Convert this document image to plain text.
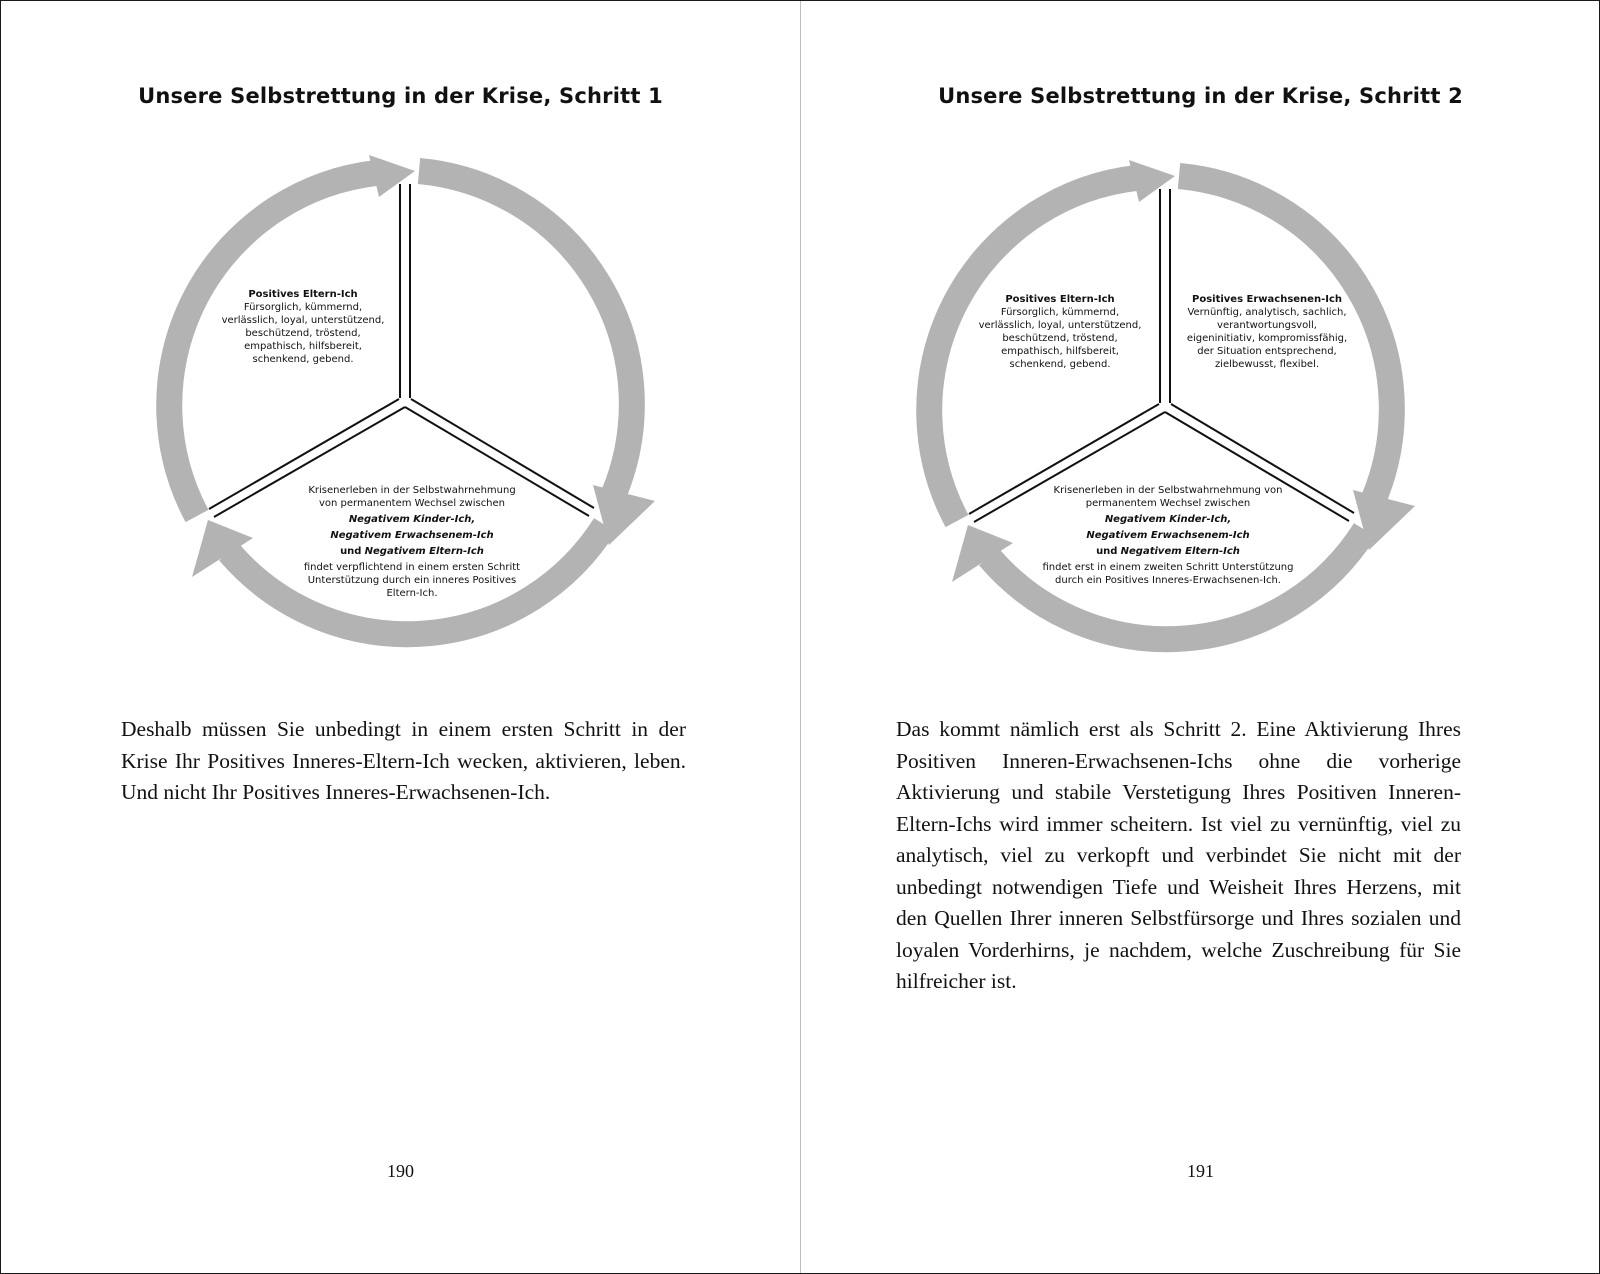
Unsere Selbstrettung in der Krise, Schritt 1
Positives Eltern-Ich
Fürsorglich, kümmernd,
verlässlich, loyal, unterstützend,
beschützend, tröstend,
empathisch, hilfsbereit,
schenkend, gebend.
Krisenerleben in der Selbstwahrnehmung
von permanentem Wechsel zwischen
Negativem Kinder-Ich,
Negativem Erwachsenem-Ich
und Negativem Eltern-Ich
findet verpflichtend in einem ersten Schritt
Unterstützung durch ein inneres Positives
Eltern-Ich.
Deshalb müssen Sie unbedingt in einem ersten Schritt in der Krise Ihr Positives Inneres-Eltern-Ich wecken, aktivieren, leben. Und nicht Ihr Positives Inneres-Erwachsenen-Ich.
190
Unsere Selbstrettung in der Krise, Schritt 2
Positives Eltern-Ich
Fürsorglich, kümmernd,
verlässlich, loyal, unterstützend,
beschützend, tröstend,
empathisch, hilfsbereit,
schenkend, gebend.
Positives Erwachsenen-Ich
Vernünftig, analytisch, sachlich,
verantwortungsvoll,
eigeninitiativ, kompromissfähig,
der Situation entsprechend,
zielbewusst, flexibel.
Krisenerleben in der Selbstwahrnehmung von
permanentem Wechsel zwischen
Negativem Kinder-Ich,
Negativem Erwachsenem-Ich
und Negativem Eltern-Ich
findet erst in einem zweiten Schritt Unterstützung
durch ein Positives Inneres-Erwachsenen-Ich.
Das kommt nämlich erst als Schritt 2. Eine Aktivierung Ihres Positiven Inneren-Erwachsenen-Ichs ohne die vorherige Aktivierung und stabile Verstetigung Ihres Positiven Inneren-Eltern-Ichs wird immer scheitern. Ist viel zu vernünftig, viel zu analytisch, viel zu verkopft und verbindet Sie nicht mit der unbedingt notwendigen Tiefe und Weisheit Ihres Herzens, mit den Quellen Ihrer inneren Selbstfürsorge und Ihres sozialen und loyalen Vorderhirns, je nachdem, welche Zuschreibung für Sie hilfreicher ist.
191
